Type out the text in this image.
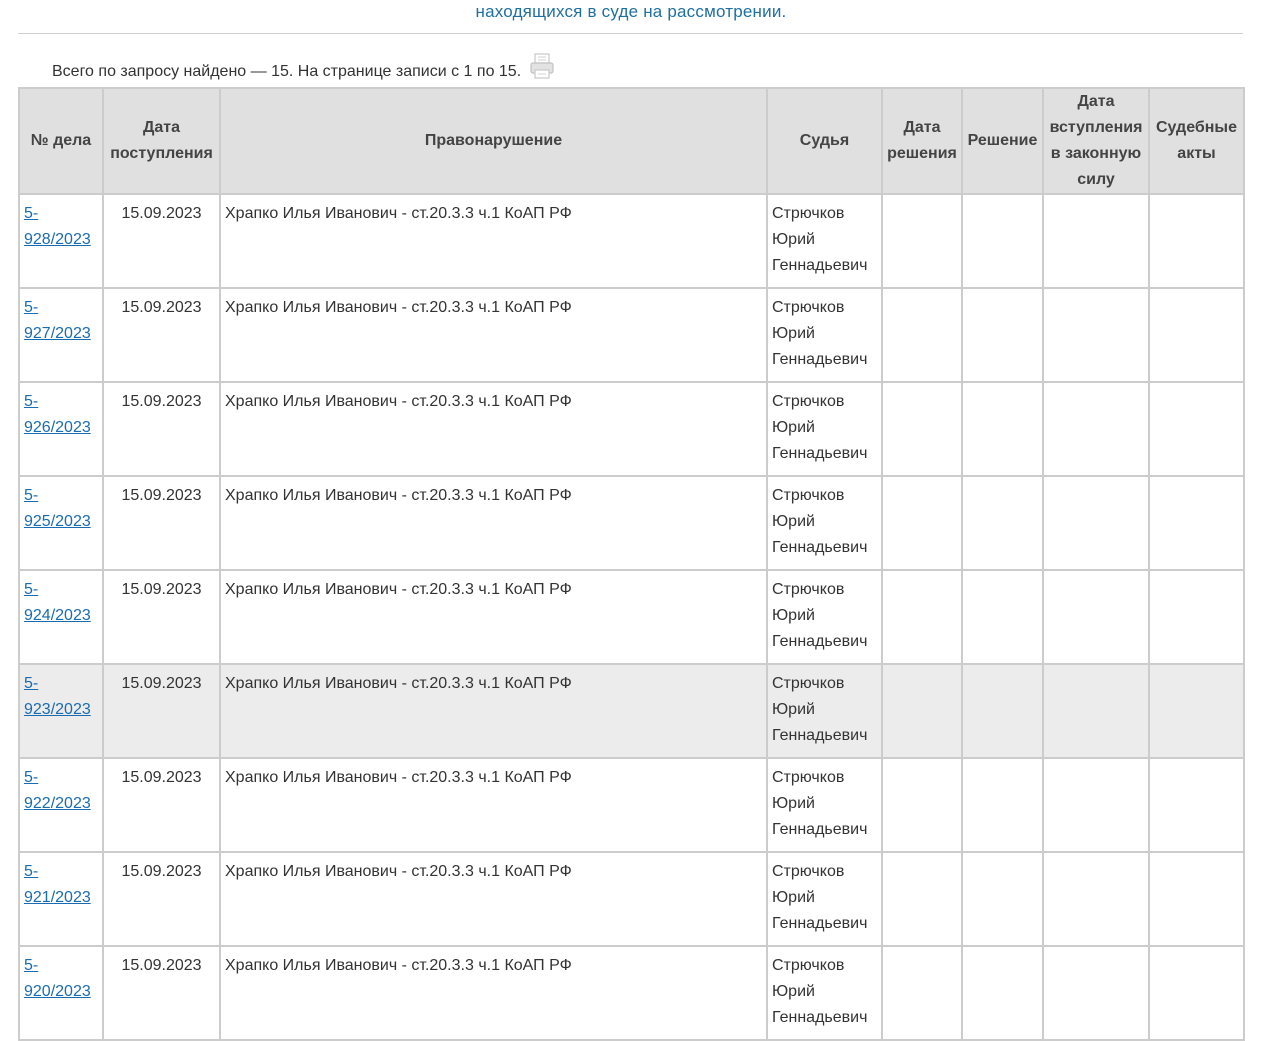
находящихся в суде на рассмотрении.
Всего по запросу найдено — 15. На странице записи с 1 по 15.
№ дела	Дата поступления	Правонарушение	Судья	Дата решения	Решение	Дата вступления в законную силу	Судебные акты
5-928/2023	15.09.2023	Храпко Илья Иванович - ст.20.3.3 ч.1 КоАП РФ	Стрючков Юрий Геннадьевич				
5-927/2023	15.09.2023	Храпко Илья Иванович - ст.20.3.3 ч.1 КоАП РФ	Стрючков Юрий Геннадьевич				
5-926/2023	15.09.2023	Храпко Илья Иванович - ст.20.3.3 ч.1 КоАП РФ	Стрючков Юрий Геннадьевич				
5-925/2023	15.09.2023	Храпко Илья Иванович - ст.20.3.3 ч.1 КоАП РФ	Стрючков Юрий Геннадьевич				
5-924/2023	15.09.2023	Храпко Илья Иванович - ст.20.3.3 ч.1 КоАП РФ	Стрючков Юрий Геннадьевич				
5-923/2023	15.09.2023	Храпко Илья Иванович - ст.20.3.3 ч.1 КоАП РФ	Стрючков Юрий Геннадьевич				
5-922/2023	15.09.2023	Храпко Илья Иванович - ст.20.3.3 ч.1 КоАП РФ	Стрючков Юрий Геннадьевич				
5-921/2023	15.09.2023	Храпко Илья Иванович - ст.20.3.3 ч.1 КоАП РФ	Стрючков Юрий Геннадьевич				
5-920/2023	15.09.2023	Храпко Илья Иванович - ст.20.3.3 ч.1 КоАП РФ	Стрючков Юрий Геннадьевич				
